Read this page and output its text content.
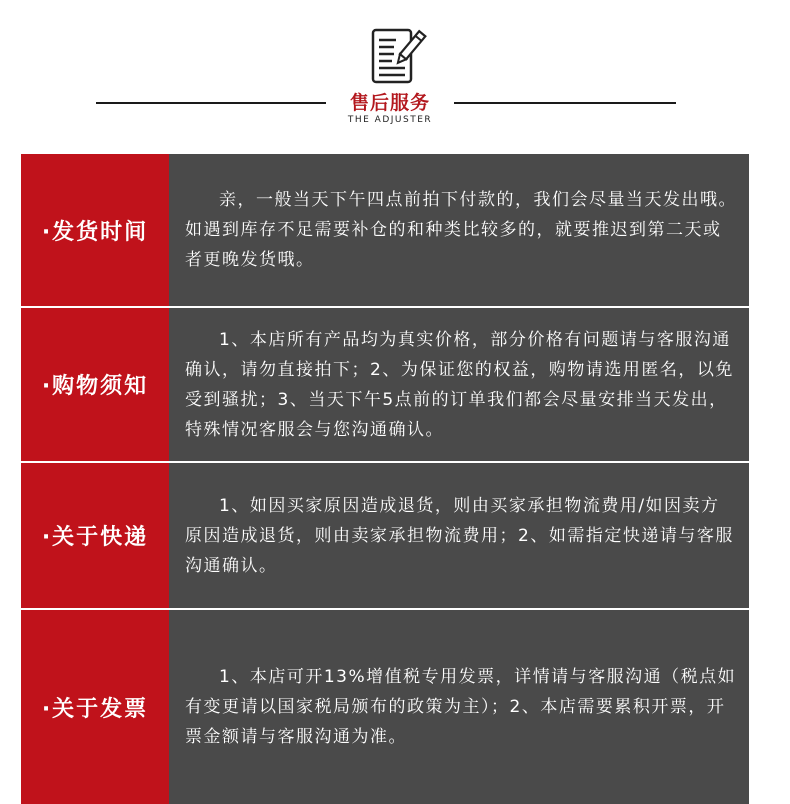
售后服务
THE ADJUSTER
·发货时间

亲，一般当天下午四点前拍下付款的，我们会尽量当天发出哦。如遇到库存不足需要补仓的和种类比较多的，就要推迟到第二天或者更晚发货哦。

·购物须知

1、本店所有产品均为真实价格，部分价格有问题请与客服沟通确认，请勿直接拍下；2、为保证您的权益，购物请选用匿名，以免受到骚扰；3、当天下午5点前的订单我们都会尽量安排当天发出，特殊情况客服会与您沟通确认。

·关于快递

1、如因买家原因造成退货，则由买家承担物流费用/如因卖方原因造成退货，则由卖家承担物流费用；2、如需指定快递请与客服沟通确认。

·关于发票

1、本店可开13%增值税专用发票，详情请与客服沟通（税点如有变更请以国家税局颁布的政策为主）；2、本店需要累积开票，开票金额请与客服沟通为准。
